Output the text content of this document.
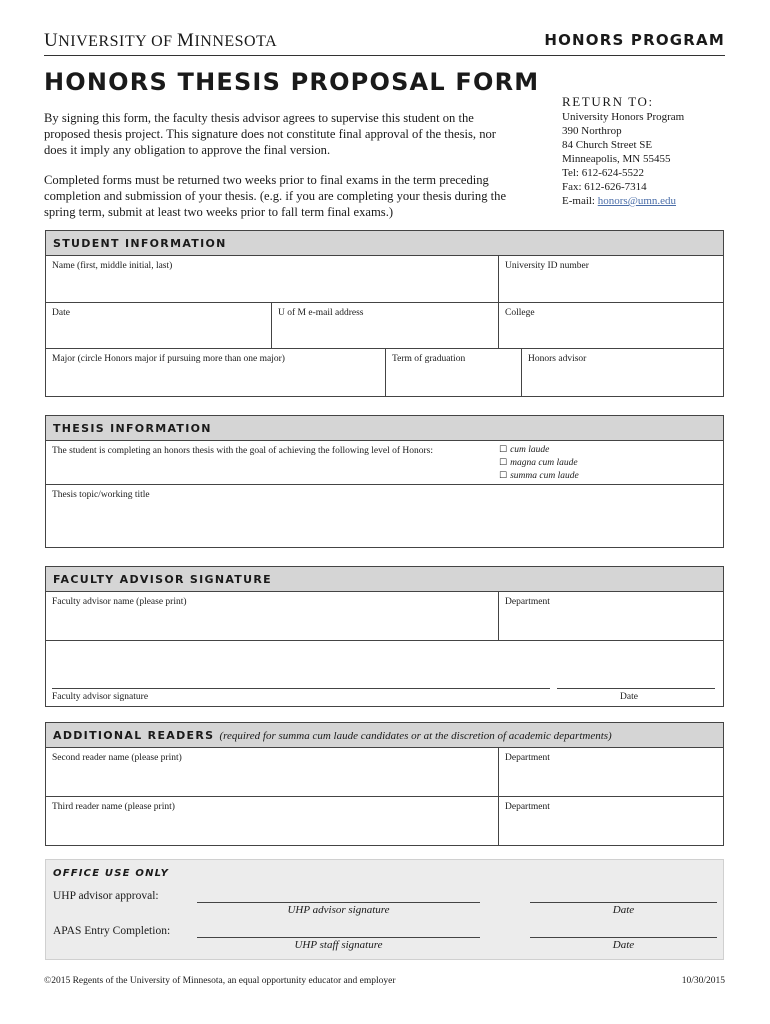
UNIVERSITY OF MINNESOTA	HONORS PROGRAM
HONORS THESIS PROPOSAL FORM

By signing this form, the faculty thesis advisor agrees to supervise this student on the proposed thesis project. This signature does not constitute final approval of the thesis, nor does it imply any obligation to approve the final version.

Completed forms must be returned two weeks prior to final exams in the term preceding completion and submission of your thesis. (e.g. if you are completing your thesis during the spring term, submit at least two weeks prior to fall term final exams.)

RETURN TO:
University Honors Program
390 Northrop
84 Church Street SE
Minneapolis, MN 55455
Tel: 612-624-5522
Fax: 612-626-7314
E-mail: honors@umn.edu
STUDENT INFORMATION
Name (first, middle initial, last)	University ID number
Date	U of M e-mail address	College
Major (circle Honors major if pursuing more than one major)	Term of graduation	Honors advisor
THESIS INFORMATION
The student is completing an honors thesis with the goal of achieving the following level of Honors:	☐ cum laude
☐ magna cum laude
☐ summa cum laude
Thesis topic/working title
FACULTY ADVISOR SIGNATURE
Faculty advisor name (please print)	Department
Faculty advisor signature	Date
ADDITIONAL READERS (required for summa cum laude candidates or at the discretion of academic departments)
Second reader name (please print)	Department
Third reader name (please print)	Department
OFFICE USE ONLY
UHP advisor approval:
UHP advisor signature	Date
APAS Entry Completion:
UHP staff signature	Date
©2015 Regents of the University of Minnesota, an equal opportunity educator and employer	10/30/2015
